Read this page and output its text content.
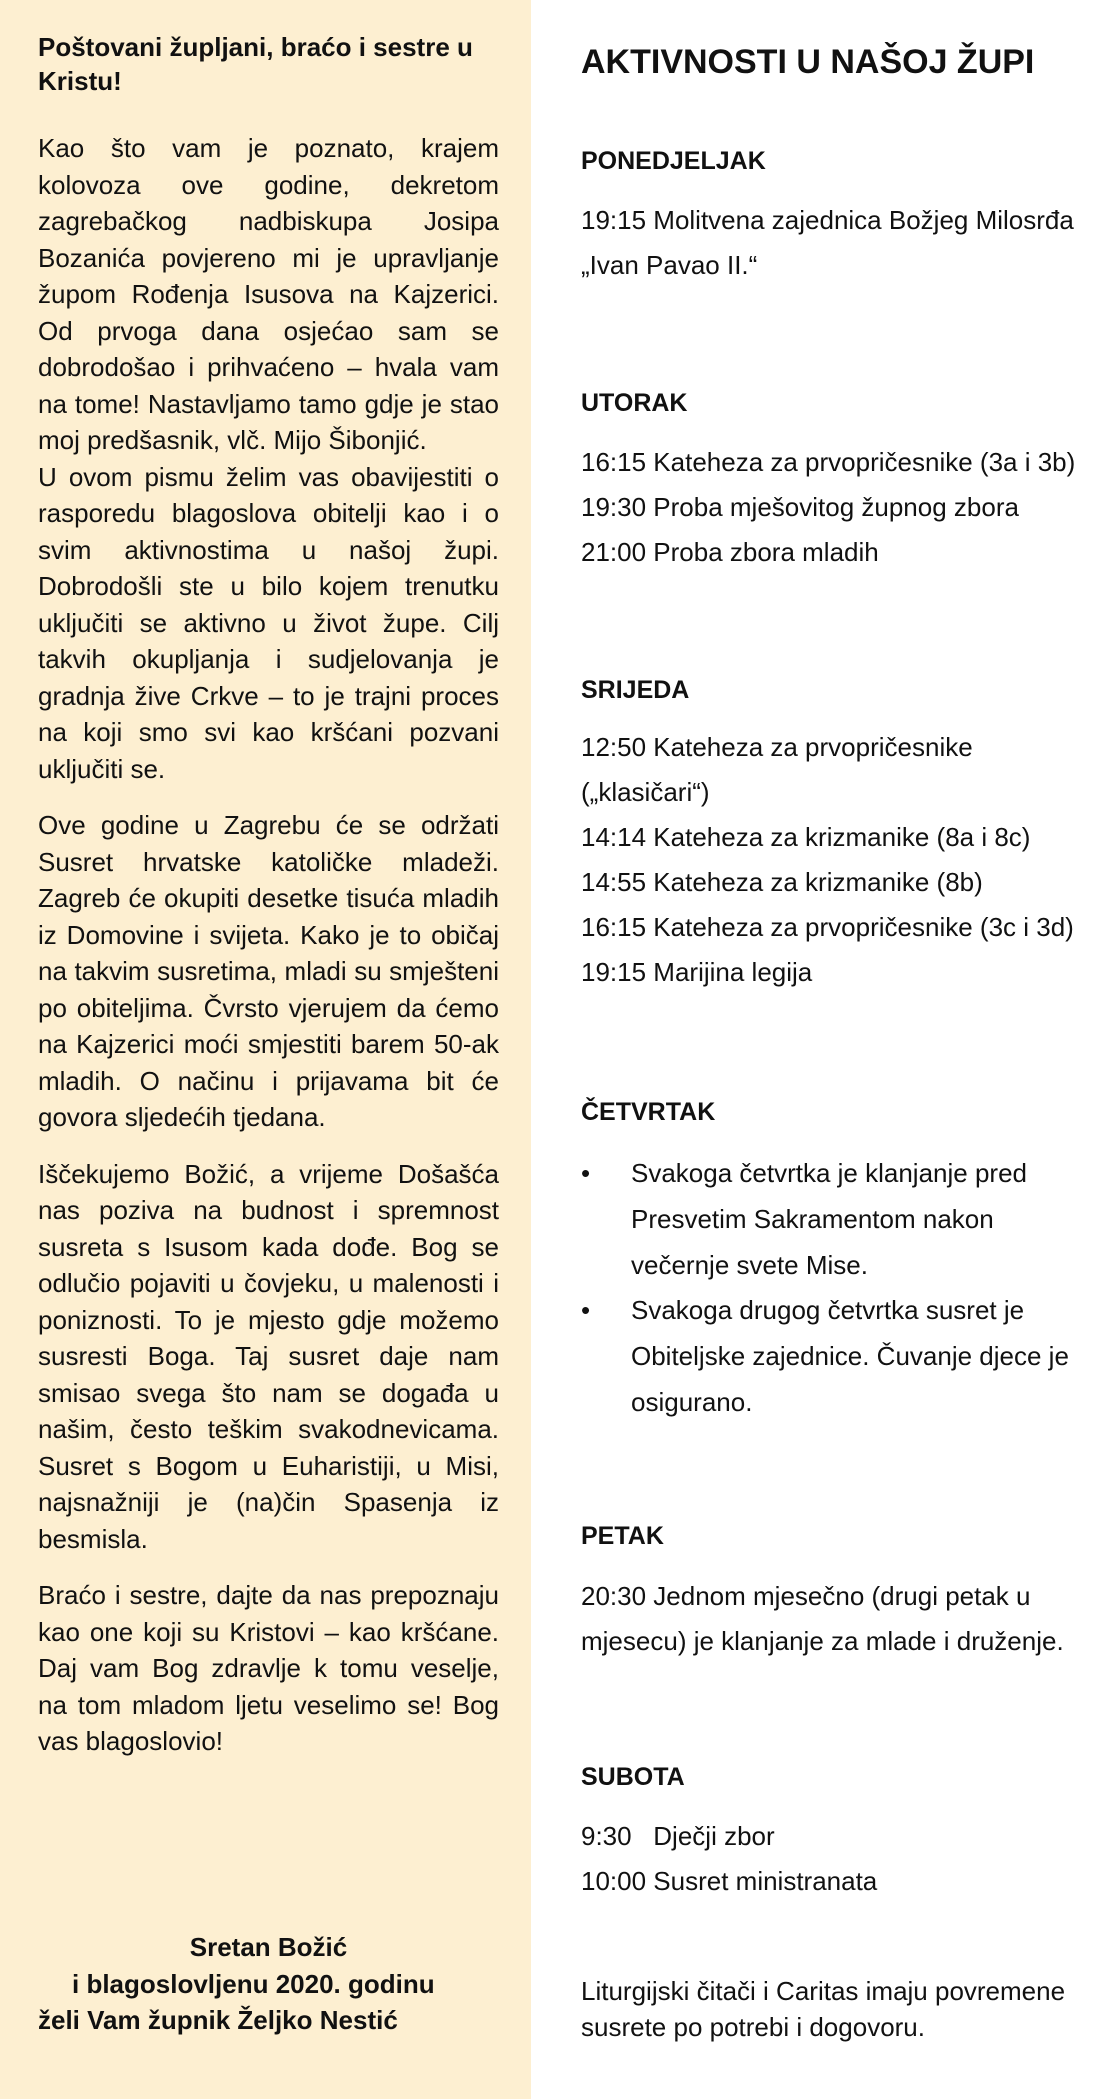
Poštovani župljani, braćo i sestre u Kristu!

Kao što vam je poznato, krajem kolovoza ove godine, dekretom zagrebačkog nadbiskupa Josipa Bozanića povjereno mi je upravljanje župom Rođenja Isusova na Kajzerici. Od prvoga dana osjećao sam se dobrodošao i prihvaćeno – hvala vam na tome! Nastavljamo tamo gdje je stao moj predšasnik, vlč. Mijo Šibonjić.

U ovom pismu želim vas obavijestiti o rasporedu blagoslova obitelji kao i o svim aktivnostima u našoj župi. Dobrodošli ste u bilo kojem trenutku uključiti se aktivno u život župe. Cilj takvih okupljanja i sudjelovanja je gradnja žive Crkve – to je trajni proces na koji smo svi kao kršćani pozvani uključiti se.

Ove godine u Zagrebu će se održati Susret hrvatske katoličke mladeži. Zagreb će okupiti desetke tisuća mladih iz Domovine i svijeta. Kako je to običaj na takvim susretima, mladi su smješteni po obiteljima. Čvrsto vjerujem da ćemo na Kajzerici moći smjestiti barem 50-ak mladih. O načinu i prijavama bit će govora sljedećih tjedana.

Iščekujemo Božić, a vrijeme Došašća nas poziva na budnost i spremnost susreta s Isusom kada dođe. Bog se odlučio pojaviti u čovjeku, u malenosti i poniznosti. To je mjesto gdje možemo susresti Boga. Taj susret daje nam smisao svega što nam se događa u našim, često teškim svakodnevicama. Susret s Bogom u Euharistiji, u Misi, najsnažniji je (na)čin Spasenja iz besmisla.

Braćo i sestre, dajte da nas prepoznaju kao one koji su Kristovi – kao kršćane. Daj vam Bog zdravlje k tomu veselje, na tom mladom ljetu veselimo se! Bog vas blagoslovio!

Sretan Božić
i blagoslovljenu 2020. godinu
želi Vam župnik Željko Nestić
AKTIVNOSTI U NAŠOJ ŽUPI
PONEDJELJAK
19:15 Molitvena zajednica Božjeg Milosrđa
„Ivan Pavao II.“
UTORAK
16:15 Kateheza za prvopričesnike (3a i 3b)
19:30 Proba mješovitog župnog zbora
21:00 Proba zbora mladih
SRIJEDA
12:50 Kateheza za prvopričesnike
(„klasičari“)
14:14 Kateheza za krizmanike (8a i 8c)
14:55 Kateheza za krizmanike (8b)
16:15 Kateheza za prvopričesnike (3c i 3d)
19:15 Marijina legija
ČETVRTAK
• Svakoga četvrtka je klanjanje pred Presvetim Sakramentom nakon večernje svete Mise.
• Svakoga drugog četvrtka susret je Obiteljske zajednice. Čuvanje djece je osigurano.
PETAK
20:30 Jednom mjesečno (drugi petak u
mjesecu) je klanjanje za mlade i druženje.
SUBOTA
9:30   Dječji zbor
10:00 Susret ministranata
Liturgijski čitači i Caritas imaju povremene susrete po potrebi i dogovoru.
